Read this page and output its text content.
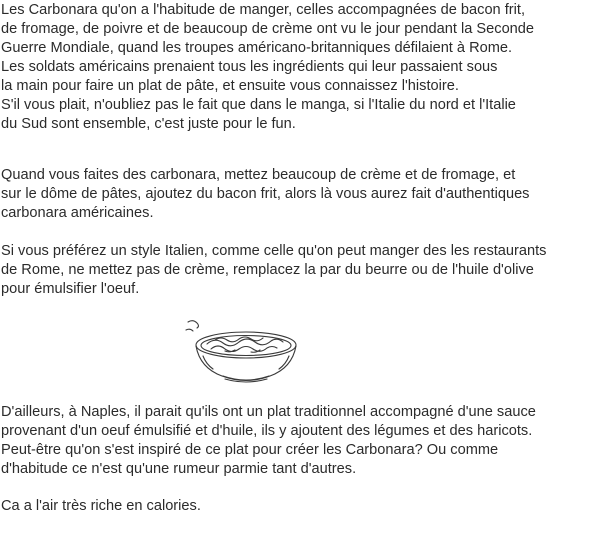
Les Carbonara qu'on a l'habitude de manger, celles accompagnées de bacon frit,
de fromage, de poivre et de beaucoup de crème ont vu le jour pendant la Seconde
Guerre Mondiale, quand les troupes américano-britanniques défilaient à Rome.
Les soldats américains prenaient tous les ingrédients qui leur passaient sous
la main pour faire un plat de pâte, et ensuite vous connaissez l'histoire.
S'il vous plait, n'oubliez pas le fait que dans le manga, si l'Italie du nord et l'Italie
du Sud sont ensemble, c'est juste pour le fun.

Quand vous faites des carbonara, mettez beaucoup de crème et de fromage, et
sur le dôme de pâtes, ajoutez du bacon frit, alors là vous aurez fait d'authentiques
carbonara américaines.

Si vous préférez un style Italien, comme celle qu'on peut manger des les restaurants
de Rome, ne mettez pas de crème, remplacez la par du beurre ou de l'huile d'olive
pour émulsifier l'oeuf.

D'ailleurs, à Naples, il parait qu'ils ont un plat traditionnel accompagné d'une sauce
provenant d'un oeuf émulsifié et d'huile, ils y ajoutent des légumes et des haricots.
Peut-être qu'on s'est inspiré de ce plat pour créer les Carbonara? Ou comme
d'habitude ce n'est qu'une rumeur parmie tant d'autres.

Ca a l'air très riche en calories.
